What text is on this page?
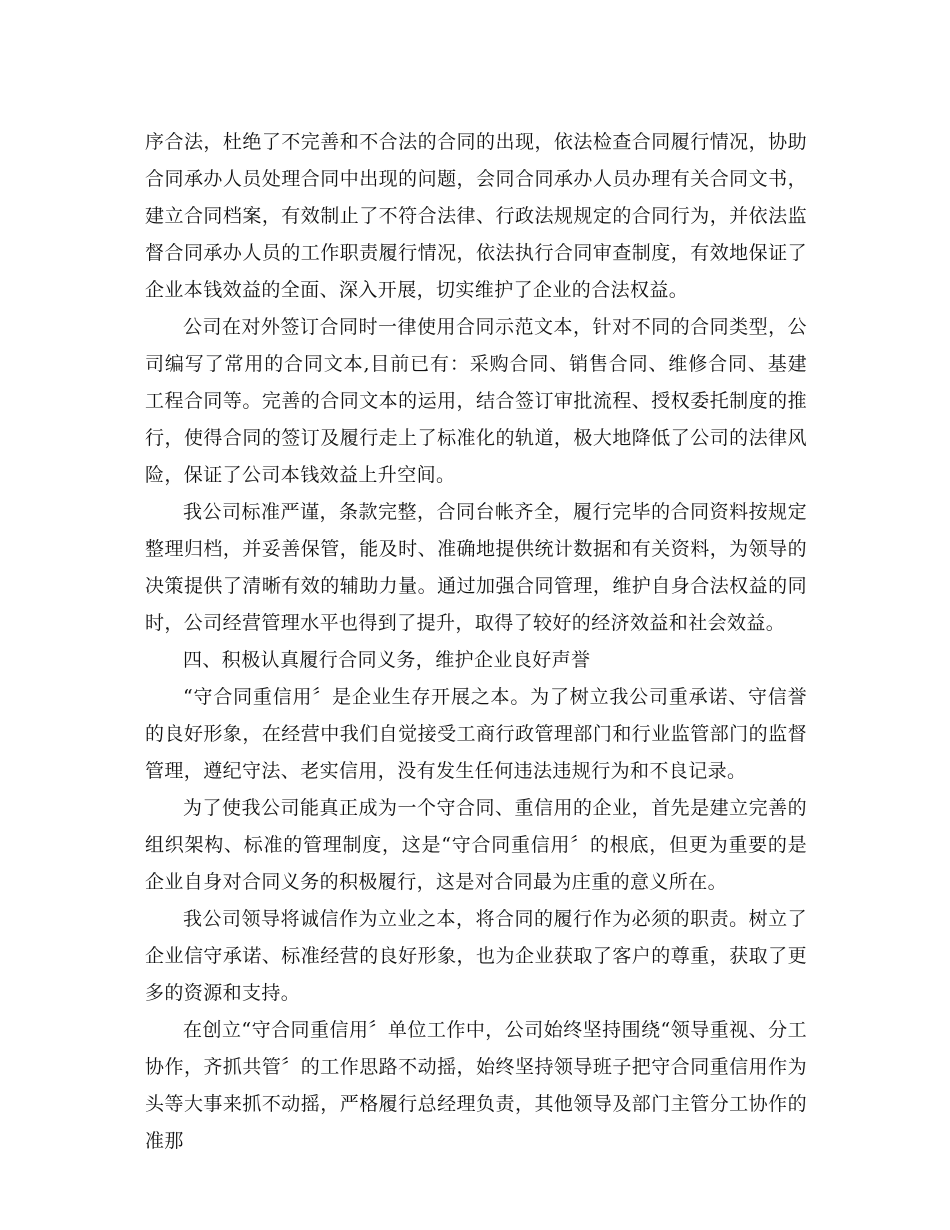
序合法，杜绝了不完善和不合法的合同的出现，依法检查合同履行情况，协助合同承办人员处理合同中出现的问题，会同合同承办人员办理有关合同文书，建立合同档案，有效制止了不符合法律、行政法规规定的合同行为，并依法监督合同承办人员的工作职责履行情况，依法执行合同审查制度，有效地保证了企业本钱效益的全面、深入开展，切实维护了企业的合法权益。

公司在对外签订合同时一律使用合同示范文本，针对不同的合同类型，公司编写了常用的合同文本,目前已有：采购合同、销售合同、维修合同、基建工程合同等。完善的合同文本的运用，结合签订审批流程、授权委托制度的推行，使得合同的签订及履行走上了标准化的轨道，极大地降低了公司的法律风险，保证了公司本钱效益上升空间。

我公司标准严谨，条款完整，合同台帐齐全，履行完毕的合同资料按规定整理归档，并妥善保管，能及时、准确地提供统计数据和有关资料，为领导的决策提供了清晰有效的辅助力量。通过加强合同管理，维护自身合法权益的同时，公司经营管理水平也得到了提升，取得了较好的经济效益和社会效益。

四、积极认真履行合同义务，维护企业良好声誉

“守合同重信用〞是企业生存开展之本。为了树立我公司重承诺、守信誉的良好形象，在经营中我们自觉接受工商行政管理部门和行业监管部门的监督管理，遵纪守法、老实信用，没有发生任何违法违规行为和不良记录。

为了使我公司能真正成为一个守合同、重信用的企业，首先是建立完善的组织架构、标准的管理制度，这是“守合同重信用〞的根底，但更为重要的是企业自身对合同义务的积极履行，这是对合同最为庄重的意义所在。

我公司领导将诚信作为立业之本，将合同的履行作为必须的职责。树立了企业信守承诺、标准经营的良好形象，也为企业获取了客户的尊重，获取了更多的资源和支持。

在创立“守合同重信用〞单位工作中，公司始终坚持围绕“领导重视、分工协作，齐抓共管〞的工作思路不动摇，始终坚持领导班子把守合同重信用作为头等大事来抓不动摇，严格履行总经理负责，其他领导及部门主管分工协作的准那
